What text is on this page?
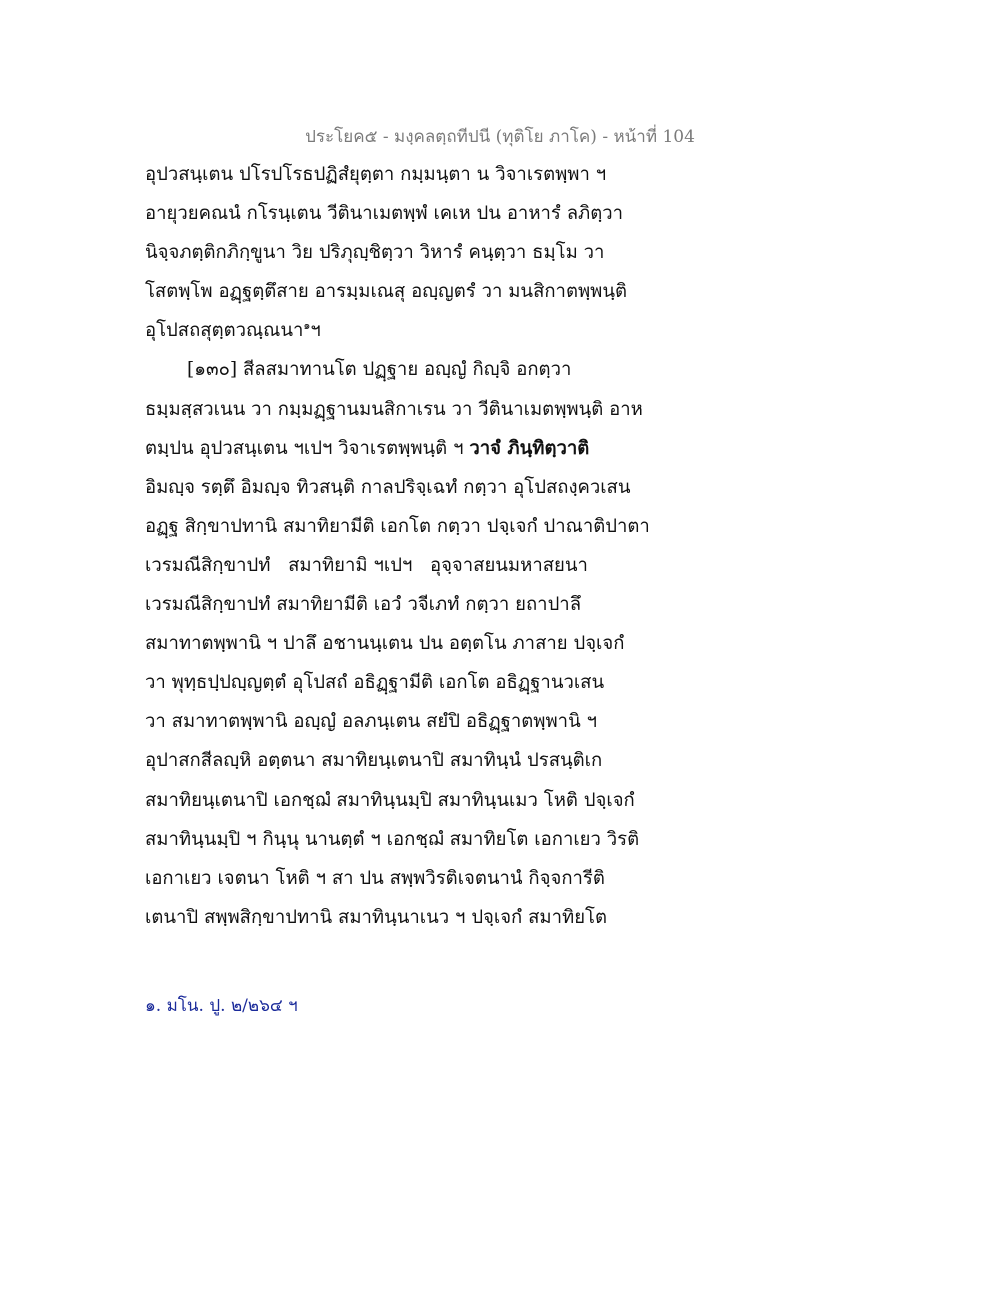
ประโยค๕ - มงฺคลตฺถทีปนี (ทุติโย ภาโค) - หน้าที่ 104
อุปวสนฺเตน ปโรปโรธปฏิสํยุตฺตา กมฺมนฺตา น วิจาเรตพฺพา ฯ
อายุวยคณนํ กโรนฺเตน วีตินาเมตพฺพํ เคเห ปน อาหารํ ลภิตฺวา
นิจฺจภตฺติกภิกฺขูนา วิย ปริภุญฺชิตฺวา วิหารํ คนฺตฺวา ธมฺโม วา
โสตพฺโพ อฏฺฐตฺตึสาย อารมฺมเณสุ อญฺญตรํ วา มนสิกาตพฺพนฺติ
อุโปสถสุตฺตวณฺณนา$^๑$ฯ
[๑๓๐] สีลสมาทานโต ปฏฺฐาย อญฺญํ กิญฺจิ อกตฺวา
ธมฺมสฺสวเนน วา กมฺมฏฺฐานมนสิกาเรน วา วีตินาเมตพฺพนฺติ อาห
ตมฺปน อุปวสนฺเตน ฯเปฯ วิจาเรตพฺพนฺติ ฯ วาจํ ภินฺทิตฺวาติ
อิมญฺจ รตฺตึ อิมญฺจ ทิวสนฺติ กาลปริจฺเฉทํ กตฺวา อุโปสถงฺควเสน
อฏฺฐ สิกฺขาปทานิ สมาทิยามีติ เอกโต กตฺวา ปจฺเจกํ ปาณาติปาตา
เวรมณีสิกฺขาปทํ   สมาทิยามิ ฯเปฯ   อุจฺจาสยนมหาสยนา
เวรมณีสิกฺขาปทํ สมาทิยามีติ เอวํ วจีเภทํ กตฺวา ยถาปาลึ
สมาทาตพฺพานิ ฯ ปาลึ อชานนฺเตน ปน อตฺตโน ภาสาย ปจฺเจกํ
วา พุทฺธปฺปญฺญตฺตํ อุโปสถํ อธิฏฺฐามีติ เอกโต อธิฏฺฐานวเสน
วา สมาทาตพฺพานิ อญฺญํ อลภนฺเตน สยํปิ อธิฏฺฐาตพฺพานิ ฯ
อุปาสกสีลญฺหิ อตฺตนา สมาทิยนฺเตนาปิ สมาทินฺนํ ปรสนฺติเก
สมาทิยนฺเตนาปิ เอกชฺฌํ สมาทินฺนมฺปิ สมาทินฺนเมว โหติ ปจฺเจกํ
สมาทินฺนมฺปิ ฯ กินฺนุ นานตฺตํ ฯ เอกชฺฌํ สมาทิยโต เอกาเยว วิรติ
เอกาเยว เจตนา โหติ ฯ สา ปน สพฺพวิรติเจตนานํ กิจฺจการีติ
เตนาปิ สพฺพสิกฺขาปทานิ สมาทินฺนาเนว ฯ ปจฺเจกํ สมาทิยโต
๑. มโน. ปู. ๒/๒๖๔ ฯ
